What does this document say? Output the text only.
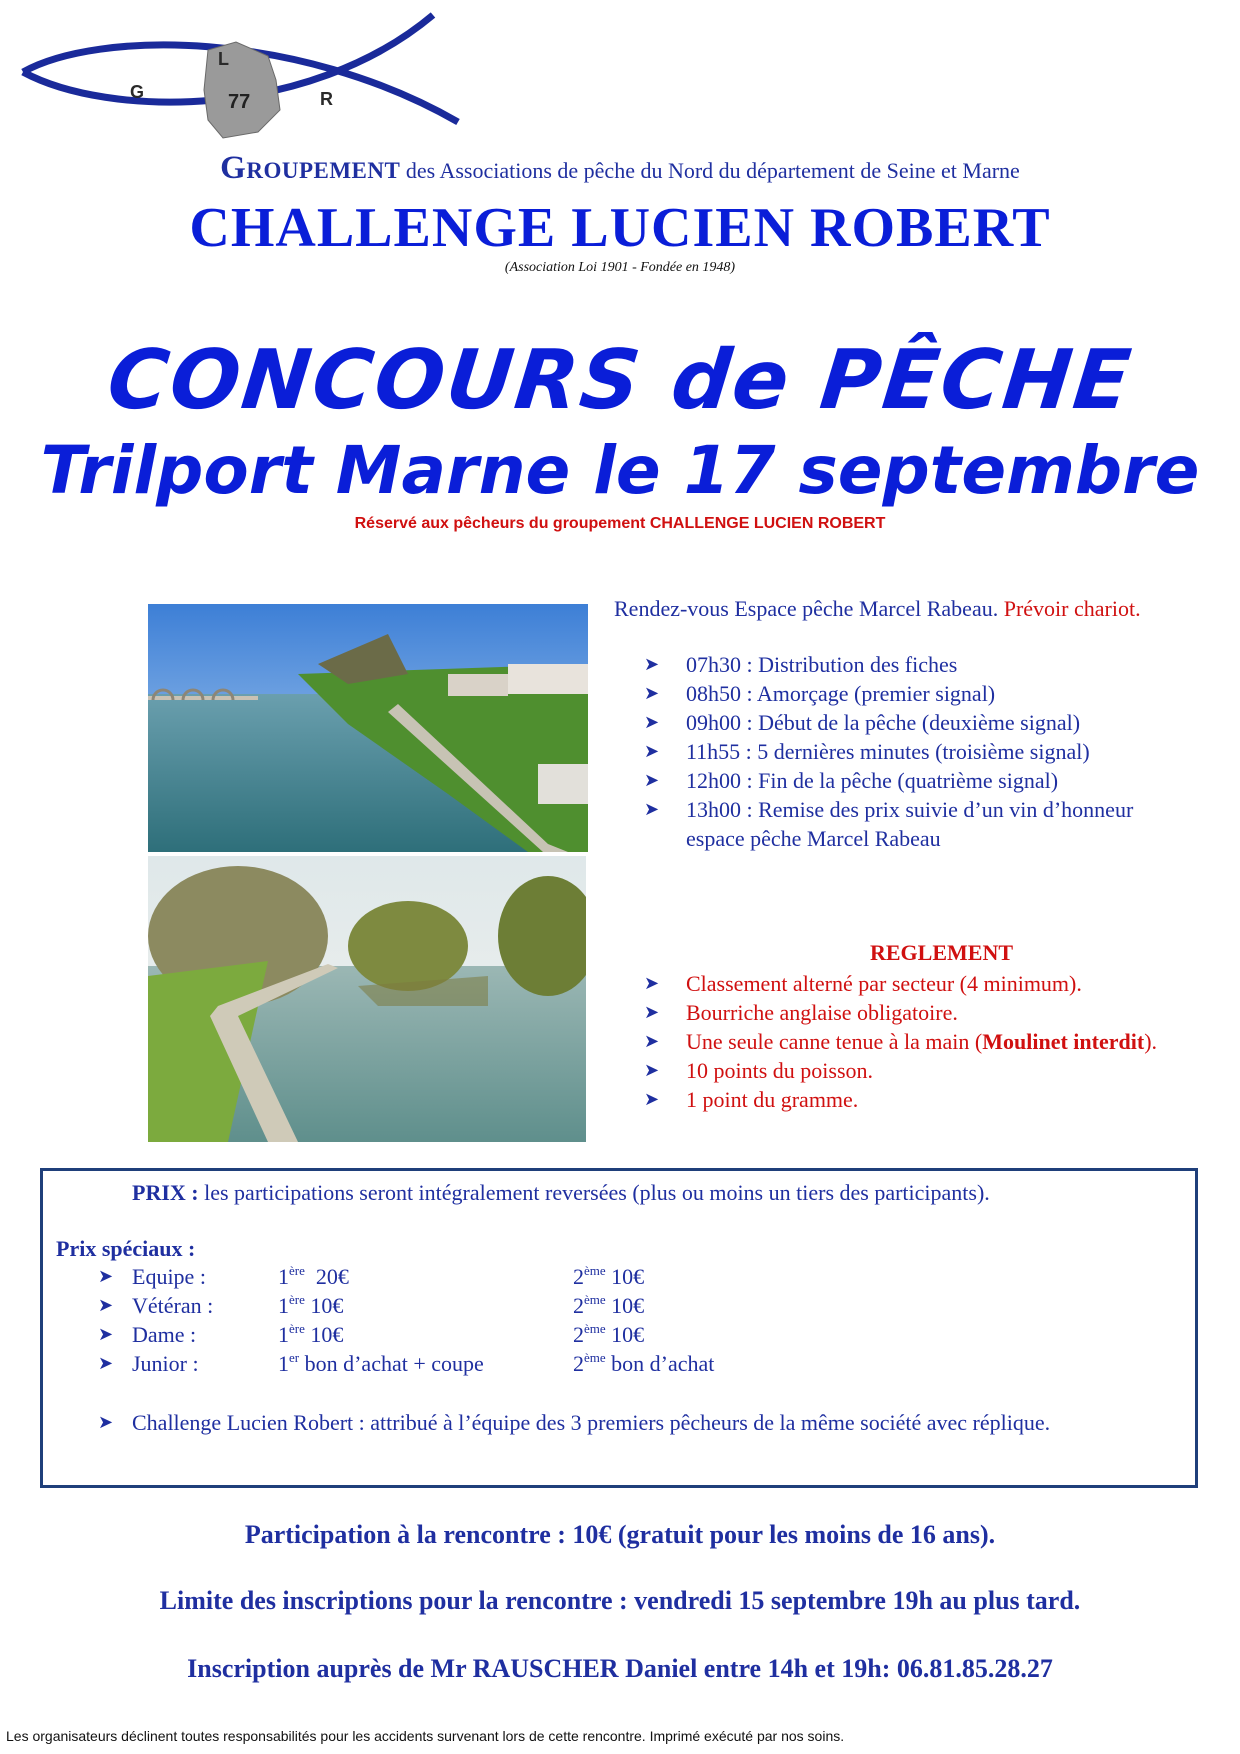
L
G	77	R
Groupement des Associations de pêche du Nord du département de Seine et Marne
CHALLENGE LUCIEN ROBERT
(Association Loi 1901 - Fondée en 1948)
CONCOURS de PÊCHE
Trilport Marne le 17 septembre
Réservé aux pêcheurs du groupement CHALLENGE LUCIEN ROBERT
Rendez-vous Espace pêche Marcel Rabeau. Prévoir chariot.
➤ 07h30 : Distribution des fiches
➤ 08h50 : Amorçage (premier signal)
➤ 09h00 : Début de la pêche (deuxième signal)
➤ 11h55 : 5 dernières minutes (troisième signal)
➤ 12h00 : Fin de la pêche (quatrième signal)
➤ 13h00 : Remise des prix suivie d’un vin d’honneur
espace pêche Marcel Rabeau
REGLEMENT
➤ Classement alterné par secteur (4 minimum).
➤ Bourriche anglaise obligatoire.
➤ Une seule canne tenue à la main (Moulinet interdit).
➤ 10 points du poisson.
➤ 1 point du gramme.
PRIX : les participations seront intégralement reversées (plus ou moins un tiers des participants).
Prix spéciaux :
➤ Equipe :	1ère  20€	2ème 10€
➤ Vétéran :	1ère 10€	2ème 10€
➤ Dame :	1ère 10€	2ème 10€
➤ Junior :	1er bon d’achat + coupe	2ème bon d’achat
➤ Challenge Lucien Robert : attribué à l’équipe des 3 premiers pêcheurs de la même société avec réplique.
Participation à la rencontre : 10€ (gratuit pour les moins de 16 ans).
Limite des inscriptions pour la rencontre : vendredi 15 septembre 19h au plus tard.
Inscription auprès de Mr RAUSCHER Daniel entre 14h et 19h: 06.81.85.28.27
Les organisateurs déclinent toutes responsabilités pour les accidents survenant lors de cette rencontre. Imprimé exécuté par nos soins.
